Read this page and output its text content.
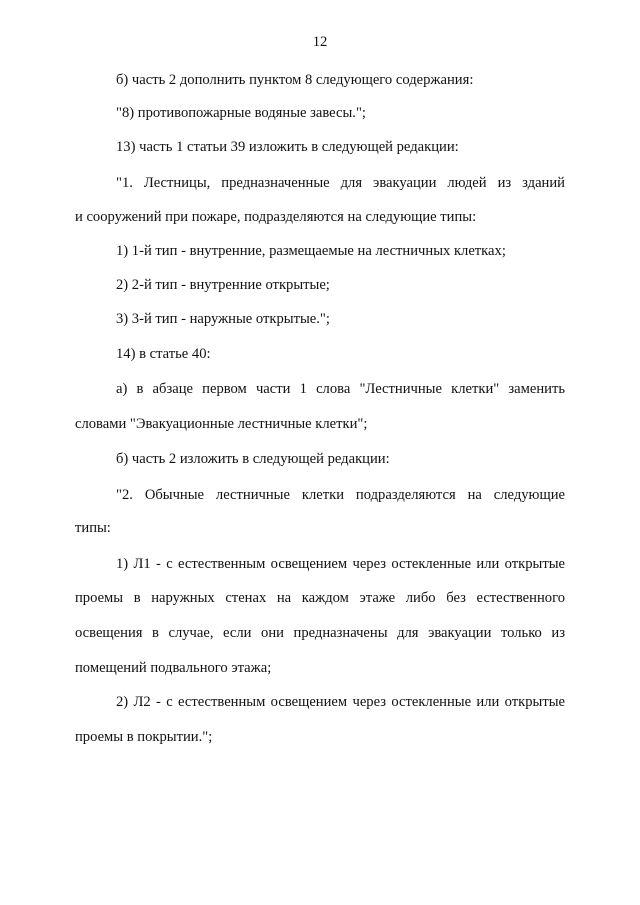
12
б) часть 2 дополнить пунктом 8 следующего содержания:
"8) противопожарные водяные завесы.";
13) часть 1 статьи 39 изложить в следующей редакции:
"1. Лестницы, предназначенные для эвакуации людей из зданий
и сооружений при пожаре, подразделяются на следующие типы:
1) 1-й тип - внутренние, размещаемые на лестничных клетках;
2) 2-й тип - внутренние открытые;
3) 3-й тип - наружные открытые.";
14) в статье 40:
а) в абзаце первом части 1 слова "Лестничные клетки" заменить
словами "Эвакуационные лестничные клетки";
б) часть 2 изложить в следующей редакции:
"2. Обычные лестничные клетки подразделяются на следующие
типы:
1) Л1 - с естественным освещением через остекленные или открытые
проемы в наружных стенах на каждом этаже либо без естественного
освещения в случае, если они предназначены для эвакуации только из
помещений подвального этажа;
2) Л2 - с естественным освещением через остекленные или открытые
проемы в покрытии.";
